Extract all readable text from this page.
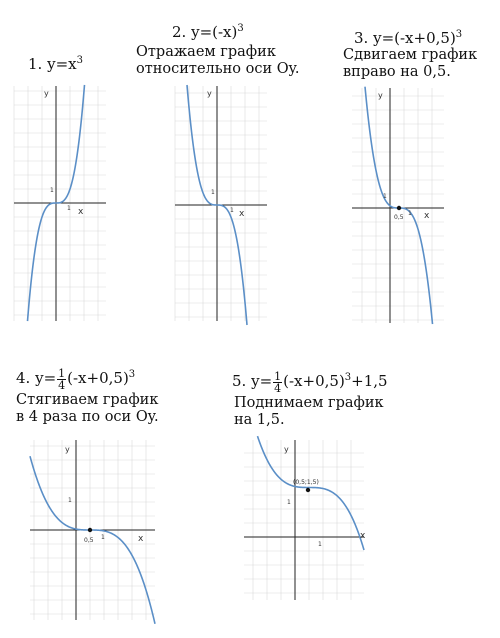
1. $y=x^3$
2. $y=(-x)^3$
Отражаем график
относительно оси Oy.
3. $y=(-x+0,5)^3$
Сдвигаем график
вправо на 0,5.
4. $y= \frac{1}{4} (-x+0,5)^3$
Стягиваем график
в 4 раза по оси Oy.
5. $y= \frac{1}{4} (-x+0,5)^3+1,5$
Поднимаем график
на 1,5.
y
x
1
1
y
x
1
1
y
x
1
1
0,5
y
x
1
1
0,5
y
x
1
1
(0,5;1,5)
